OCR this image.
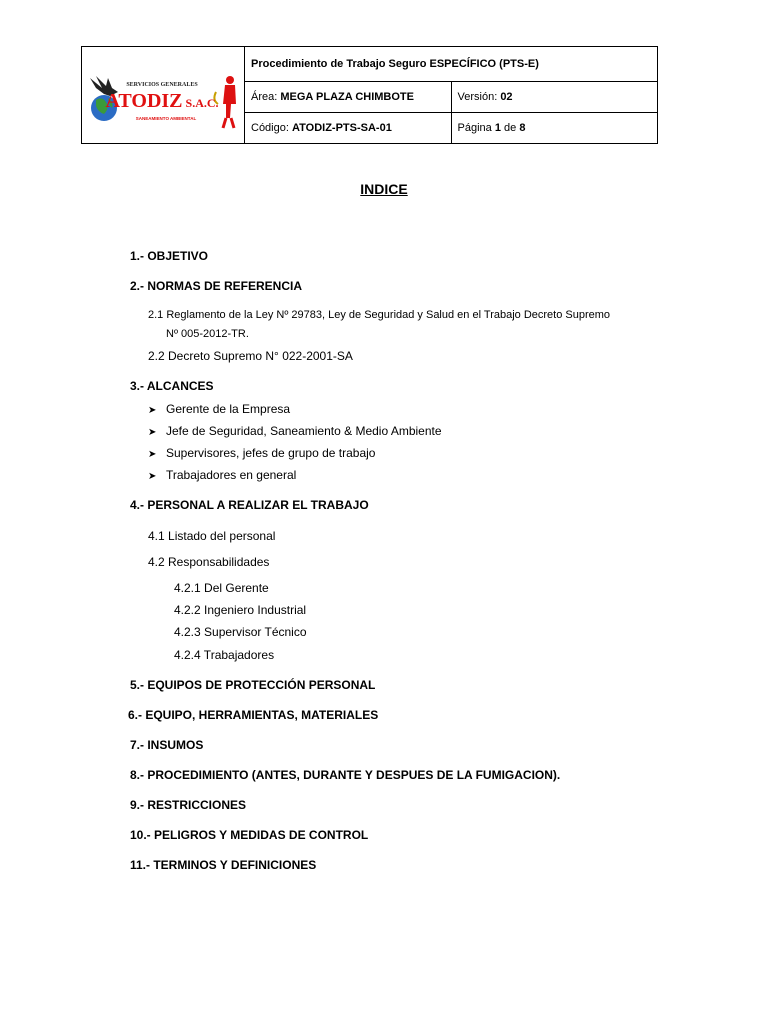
SERVICIOS GENERALES
ATODIZ S.A.C.
SANEAMIENTO AMBIENTAL	Procedimiento de Trabajo Seguro ESPECÍFICO (PTS-E)	
	Área: MEGA PLAZA CHIMBOTE	Versión: 02
	Código: ATODIZ-PTS-SA-01	Página 1 de 8
INDICE
1.- OBJETIVO
2.- NORMAS DE REFERENCIA
2.1 Reglamento de la Ley Nº 29783, Ley de Seguridad y Salud en el Trabajo Decreto Supremo
Nº 005-2012-TR.
2.2 Decreto Supremo N° 022-2001-SA
3.- ALCANCES
➤ Gerente de la Empresa
➤ Jefe de Seguridad, Saneamiento & Medio Ambiente
➤ Supervisores, jefes de grupo de trabajo
➤ Trabajadores en general
4.- PERSONAL A REALIZAR EL TRABAJO
4.1 Listado del personal
4.2 Responsabilidades
4.2.1 Del Gerente
4.2.2 Ingeniero Industrial
4.2.3 Supervisor Técnico
4.2.4 Trabajadores
5.- EQUIPOS DE PROTECCIÓN PERSONAL
6.- EQUIPO, HERRAMIENTAS, MATERIALES
7.- INSUMOS
8.- PROCEDIMIENTO (ANTES, DURANTE Y DESPUES DE LA FUMIGACION).
9.- RESTRICCIONES
10.- PELIGROS Y MEDIDAS DE CONTROL
11.- TERMINOS Y DEFINICIONES
